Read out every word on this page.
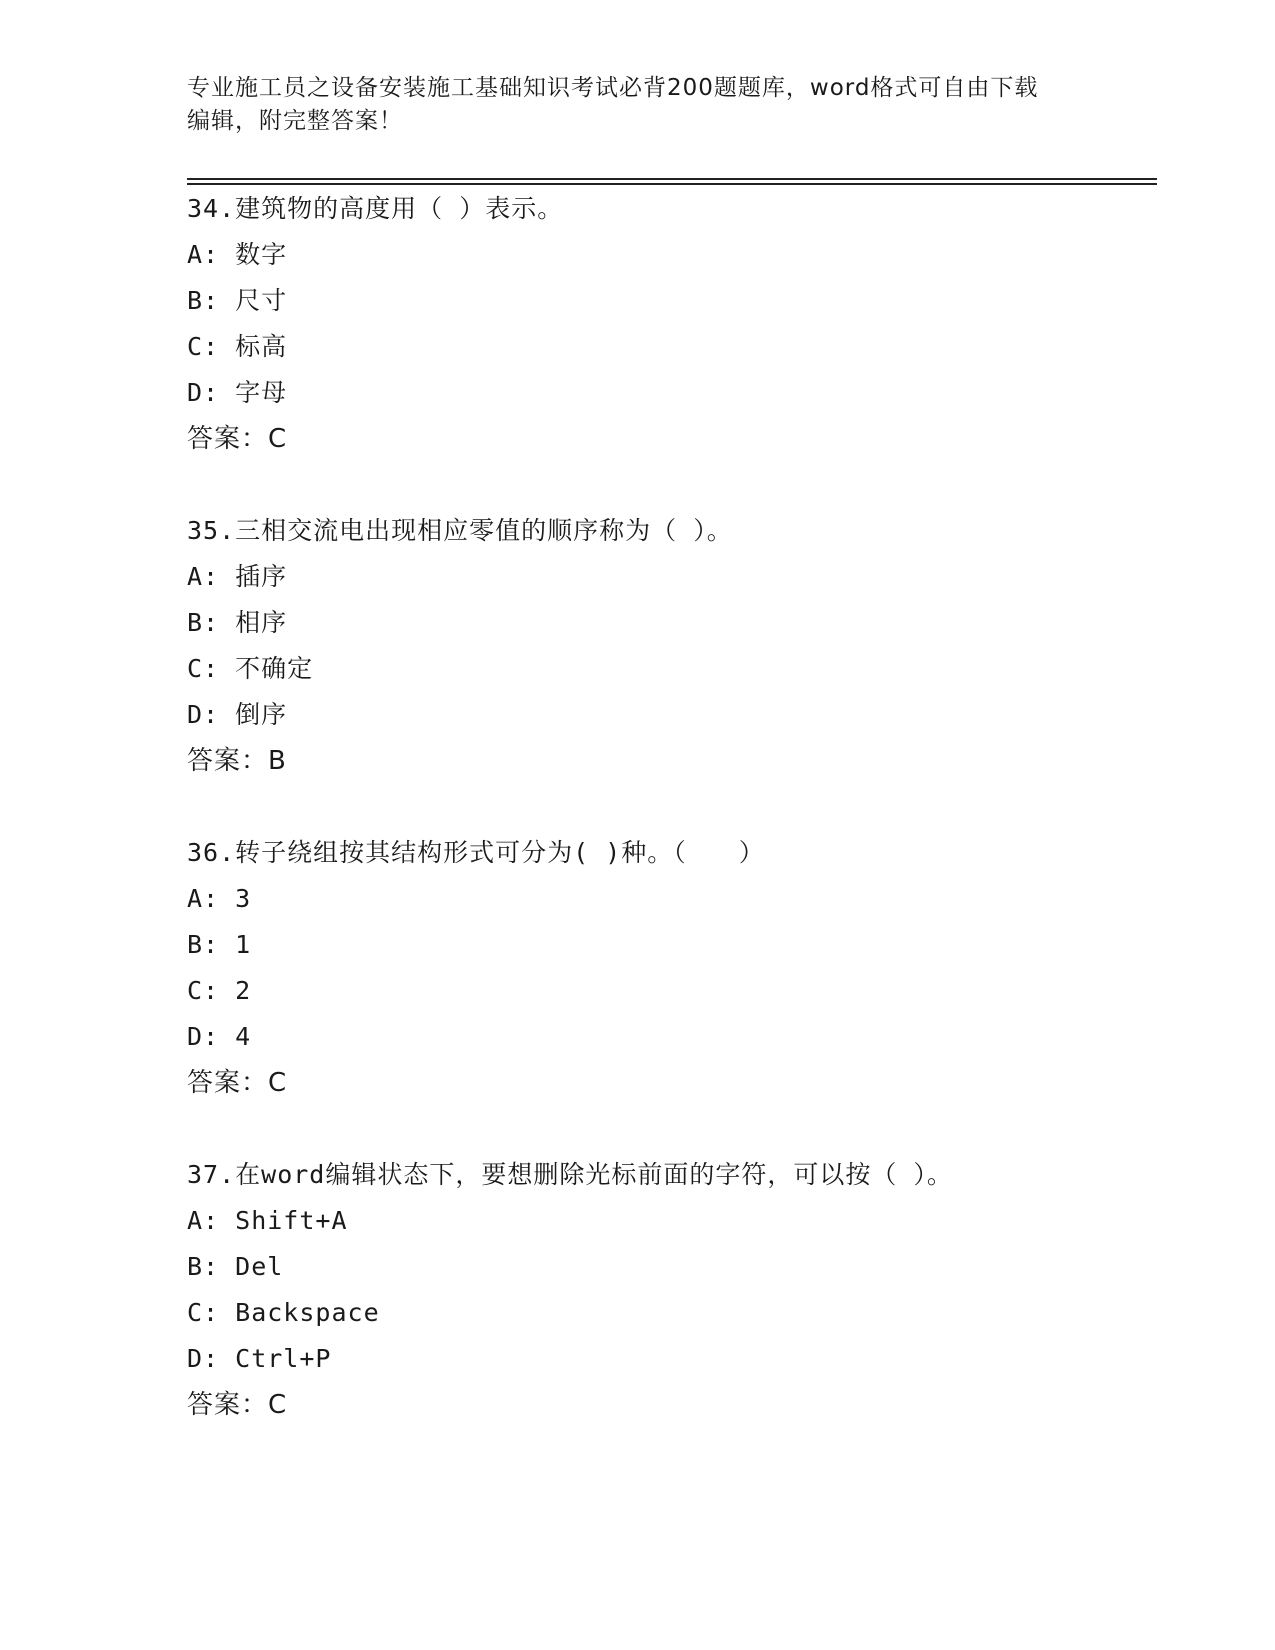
专业施工员之设备安装施工基础知识考试必背200题题库，word格式可自由下载
编辑，附完整答案！
34.建筑物的高度用（ ）表示。
A: 数字
B: 尺寸
C: 标高
D: 字母
答案：C
35.三相交流电出现相应零值的顺序称为（ ）。
A: 插序
B: 相序
C: 不确定
D: 倒序
答案：B
36.转子绕组按其结构形式可分为( )种。（　　）
A: 3
B: 1
C: 2
D: 4
答案：C
37.在word编辑状态下，要想删除光标前面的字符，可以按（ ）。
A: Shift+A
B: Del
C: Backspace
D: Ctrl+P
答案：C
